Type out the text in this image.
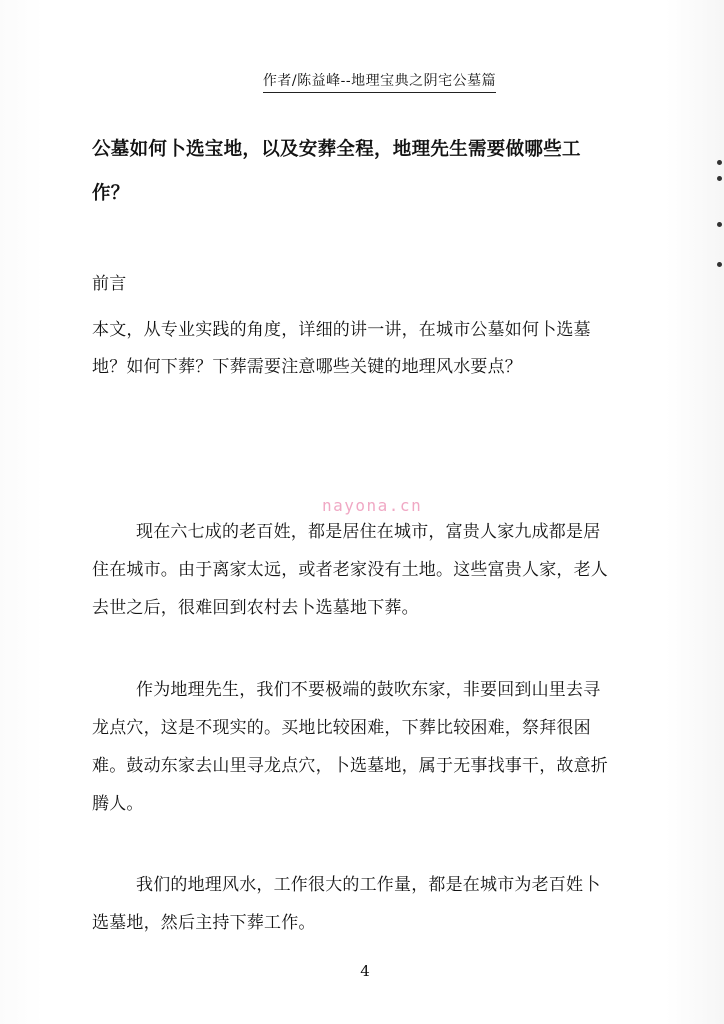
作者/陈益峰--地理宝典之阴宅公墓篇
公墓如何卜选宝地，以及安葬全程，地理先生需要做哪些工作？
前言
本文，从专业实践的角度，详细的讲一讲，在城市公墓如何卜选墓地？如何下葬？下葬需要注意哪些关键的地理风水要点？
nayona.cn
现在六七成的老百姓，都是居住在城市，富贵人家九成都是居住在城市。由于离家太远，或者老家没有土地。这些富贵人家，老人去世之后，很难回到农村去卜选墓地下葬。
作为地理先生，我们不要极端的鼓吹东家，非要回到山里去寻龙点穴，这是不现实的。买地比较困难，下葬比较困难，祭拜很困难。鼓动东家去山里寻龙点穴，卜选墓地，属于无事找事干，故意折腾人。
我们的地理风水，工作很大的工作量，都是在城市为老百姓卜选墓地，然后主持下葬工作。
4
